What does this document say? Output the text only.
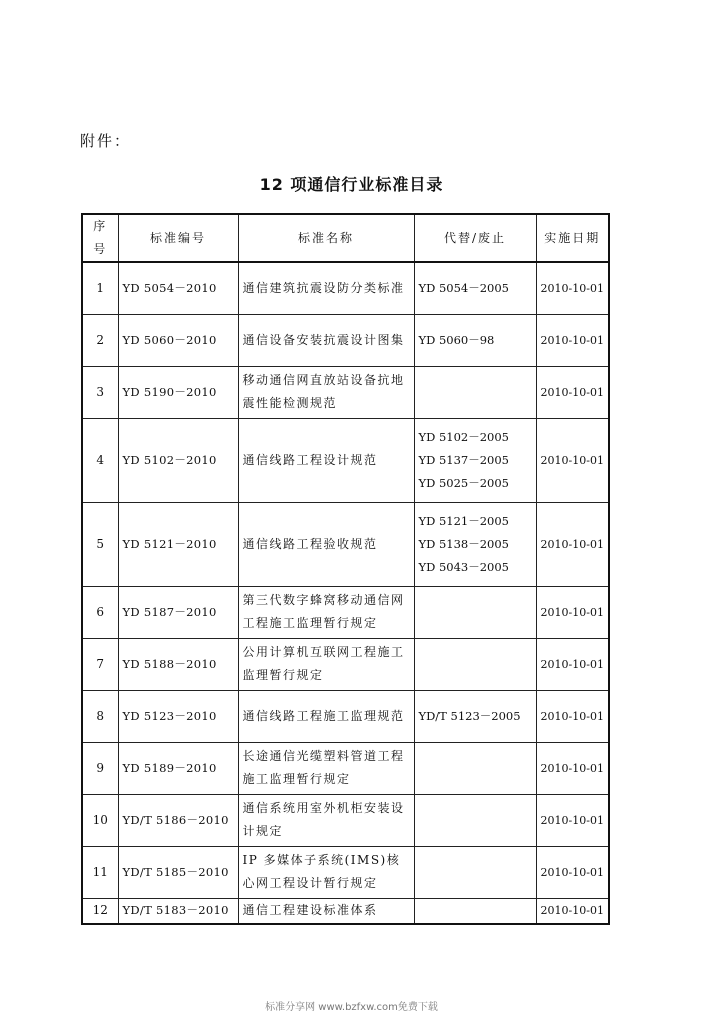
附件：
12 项通信行业标准目录
序号	标准编号	标准名称	代替/废止	实施日期
1	YD 5054－2010	通信建筑抗震设防分类标准	YD 5054－2005	2010-10-01
2	YD 5060－2010	通信设备安装抗震设计图集	YD 5060－98	2010-10-01
3	YD 5190－2010	移动通信网直放站设备抗地震性能检测规范		2010-10-01
4	YD 5102－2010	通信线路工程设计规范	YD 5102－2005
YD 5137－2005
YD 5025－2005	2010-10-01
5	YD 5121－2010	通信线路工程验收规范	YD 5121－2005
YD 5138－2005
YD 5043－2005	2010-10-01
6	YD 5187－2010	第三代数字蜂窝移动通信网工程施工监理暂行规定		2010-10-01
7	YD 5188－2010	公用计算机互联网工程施工监理暂行规定		2010-10-01
8	YD 5123－2010	通信线路工程施工监理规范	YD/T 5123－2005	2010-10-01
9	YD 5189－2010	长途通信光缆塑料管道工程施工监理暂行规定		2010-10-01
10	YD/T 5186－2010	通信系统用室外机柜安装设计规定		2010-10-01
11	YD/T 5185－2010	IP 多媒体子系统(IMS)核心网工程设计暂行规定		2010-10-01
12	YD/T 5183－2010	通信工程建设标准体系		2010-10-01
标准分享网 www.bzfxw.com免费下载
